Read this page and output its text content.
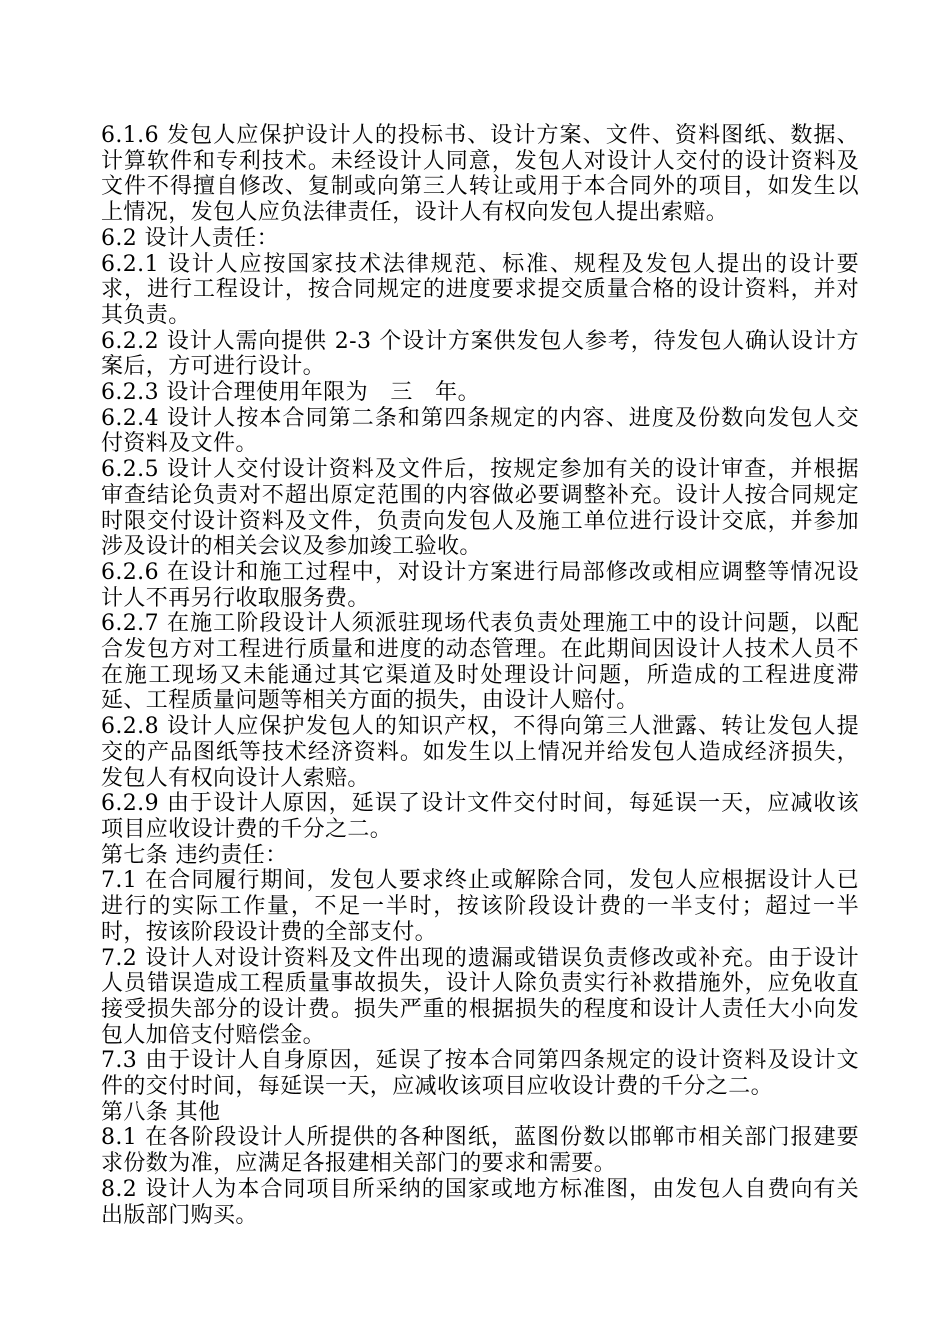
6.1.6 发包人应保护设计人的投标书、设计方案、文件、资料图纸、数据、计算软件和专利技术。未经设计人同意，发包人对设计人交付的设计资料及文件不得擅自修改、复制或向第三人转让或用于本合同外的项目，如发生以上情况，发包人应负法律责任，设计人有权向发包人提出索赔。

6.2 设计人责任：

6.2.1 设计人应按国家技术法律规范、标准、规程及发包人提出的设计要求，进行工程设计，按合同规定的进度要求提交质量合格的设计资料，并对其负责。

6.2.2 设计人需向提供 2-3 个设计方案供发包人参考，待发包人确认设计方案后，方可进行设计。

6.2.3 设计合理使用年限为　三　年。

6.2.4 设计人按本合同第二条和第四条规定的内容、进度及份数向发包人交付资料及文件。

6.2.5 设计人交付设计资料及文件后，按规定参加有关的设计审查，并根据审查结论负责对不超出原定范围的内容做必要调整补充。设计人按合同规定时限交付设计资料及文件，负责向发包人及施工单位进行设计交底，并参加涉及设计的相关会议及参加竣工验收。

6.2.6 在设计和施工过程中，对设计方案进行局部修改或相应调整等情况设计人不再另行收取服务费。

6.2.7 在施工阶段设计人须派驻现场代表负责处理施工中的设计问题，以配合发包方对工程进行质量和进度的动态管理。在此期间因设计人技术人员不在施工现场又未能通过其它渠道及时处理设计问题，所造成的工程进度滞延、工程质量问题等相关方面的损失，由设计人赔付。

6.2.8 设计人应保护发包人的知识产权，不得向第三人泄露、转让发包人提交的产品图纸等技术经济资料。如发生以上情况并给发包人造成经济损失，发包人有权向设计人索赔。

6.2.9 由于设计人原因，延误了设计文件交付时间，每延误一天，应减收该项目应收设计费的千分之二。

第七条 违约责任：

7.1 在合同履行期间，发包人要求终止或解除合同，发包人应根据设计人已进行的实际工作量，不足一半时，按该阶段设计费的一半支付；超过一半时，按该阶段设计费的全部支付。

7.2 设计人对设计资料及文件出现的遗漏或错误负责修改或补充。由于设计人员错误造成工程质量事故损失，设计人除负责实行补救措施外，应免收直接受损失部分的设计费。损失严重的根据损失的程度和设计人责任大小向发包人加倍支付赔偿金。

7.3 由于设计人自身原因，延误了按本合同第四条规定的设计资料及设计文件的交付时间，每延误一天，应减收该项目应收设计费的千分之二。

第八条 其他

8.1 在各阶段设计人所提供的各种图纸，蓝图份数以邯郸市相关部门报建要求份数为准，应满足各报建相关部门的要求和需要。

8.2 设计人为本合同项目所采纳的国家或地方标准图，由发包人自费向有关出版部门购买。
